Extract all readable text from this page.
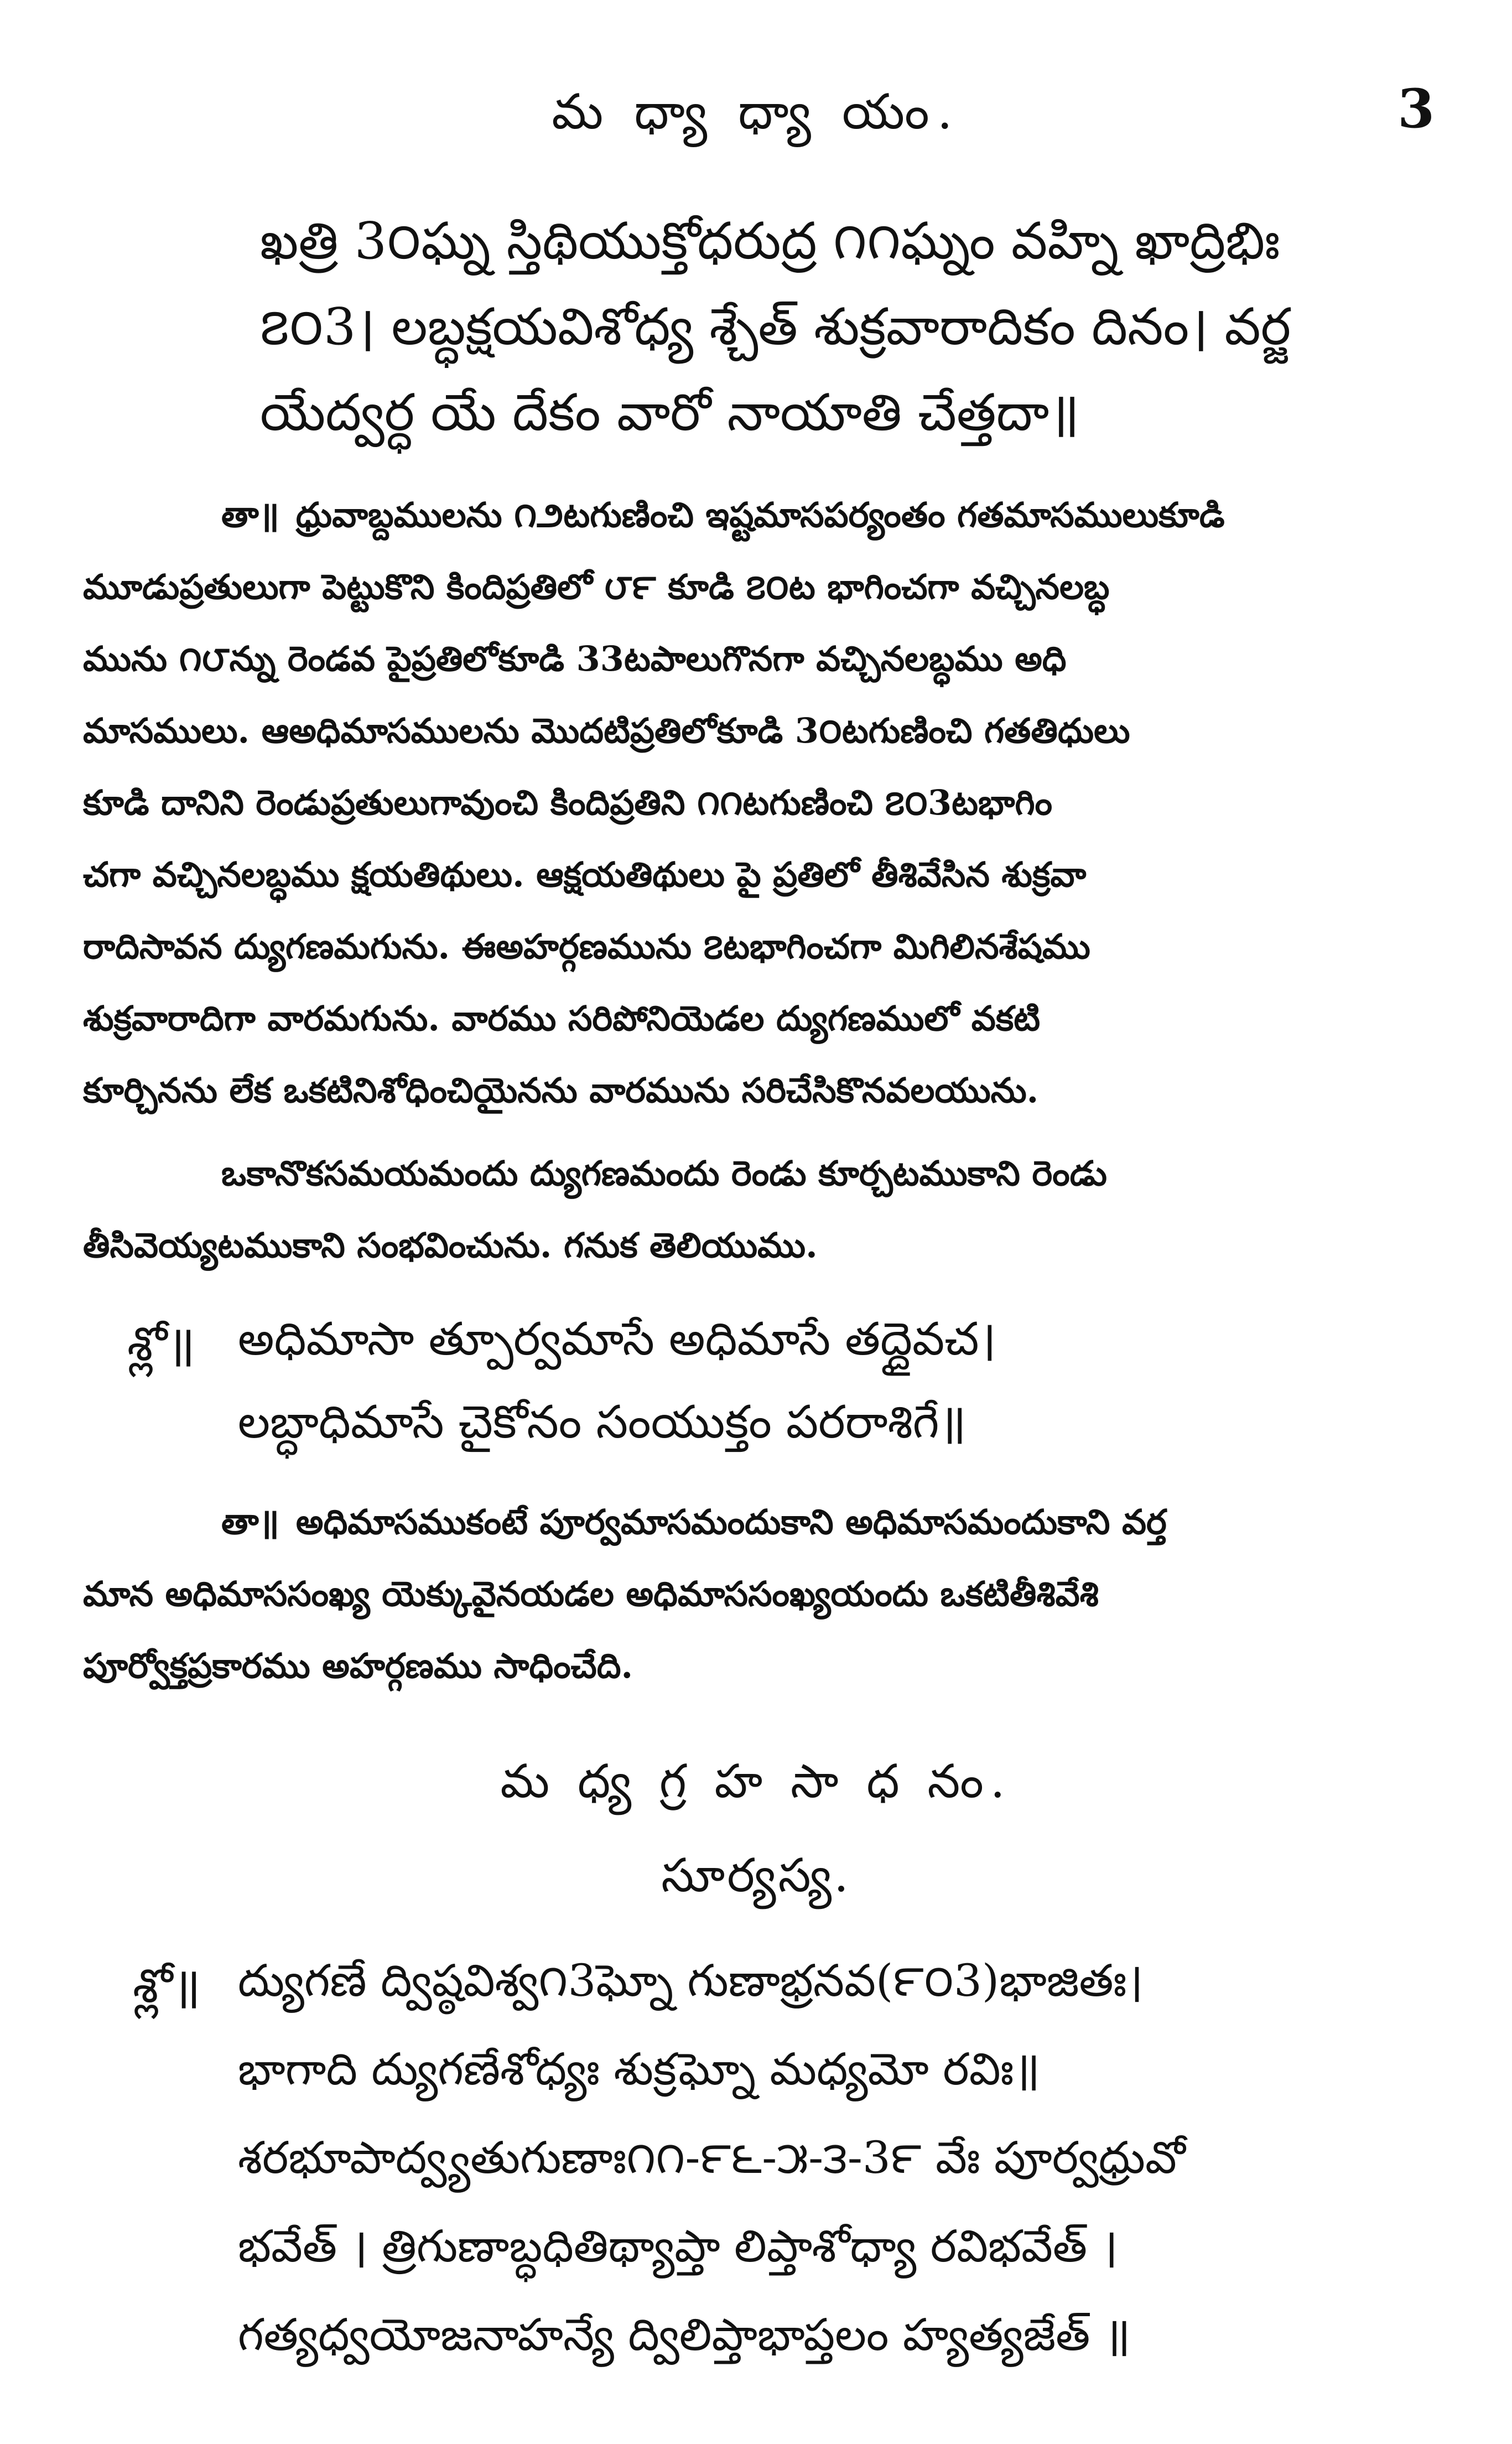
మ ధ్యా ధ్యా యం.	3
ఖత్రి 3౦ఘ్న స్తిథియుక్తోధరుద్ర ౧౧ఘ్నం వహ్ని ఖాద్రిభిః
౭౦3। లబ్ధక్షయవిశోధ్య శ్చేత్ శుక్రవారాదికం దినం। వర్జ
యేద్వర్ధ యే దేకం వారో నాయాతి చేత్తదా॥
తా॥ ధ్రువాబ్దములను ౧౨టగుణించి ఇష్టమాసపర్యంతం గతమాసములుకూడి
మూడుప్రతులుగా పెట్టుకొని కిందిప్రతిలో ౮౯ కూడి ౭౦ట భాగించగా వచ్చినలబ్ధ
మును ౧౮న్ను రెండవ పైప్రతిలోకూడి 33టపాలుగొనగా వచ్చినలబ్ధము అధి
మాసములు. ఆఅధిమాసములను మొదటిప్రతిలోకూడి 3౦టగుణించి గతతిధులు
కూడి దానిని రెండుప్రతులుగావుంచి కిందిప్రతిని ౧౧టగుణించి ౭౦3టభాగిం
చగా వచ్చినలబ్ధము క్షయతిథులు. ఆక్షయతిథులు పై ప్రతిలో తీశివేసిన శుక్రవా
రాదిసావన ద్యుగణమగును. ఈఅహర్గణమును ౭టభాగించగా మిగిలినశేషము
శుక్రవారాదిగా వారమగును. వారము సరిపోనియెడల ద్యుగణములో వకటి
కూర్చినను లేక ఒకటినిశోధించియైనను వారమును సరిచేసికొనవలయును.
ఒకానొకసమయమందు ద్యుగణమందు రెండు కూర్చటముకాని రెండు
తీసివెయ్యటముకాని సంభవించును. గనుక తెలియుము.
శ్లో॥ అధిమాసా త్పూర్వమాసే అధిమాసే తద్దైవచ।
లబ్ధాధిమాసే చైకోనం సంయుక్తం పరరాశిగే॥
తా॥ అధిమాసముకంటే పూర్వమాసమందుకాని అధిమాసమందుకాని వర్త
మాన అధిమాససంఖ్య యెక్కువైనయడల అధిమాససంఖ్యయందు ఒకటితీశివేశి
పూర్వోక్తప్రకారము అహర్గణము సాధించేది.
మ ధ్య గ్ర హ సా ధ నం.
సూర్యస్య.
శ్లో॥ ద్యుగణే ద్విష్ఠవిశ్వ౧3ఘ్నో గుణాభ్రనవ(౯౦3)భాజితః।
భాగాది ద్యుగణేశోధ్యః శుక్రఘ్నో మధ్యమో రవిః॥
శరభూపాద్వ్యతుగుణాః౧౧-౯౬-౫-౩-3౯ వేః పూర్వధ్రువో
భవేత్ । త్రిగుణాబ్ధధితిథ్యాప్తా లిప్తాశోధ్యా రవిభవేత్ ।
గత్యధ్వయోజనాహన్యే ద్విలిప్తాభాప్తలం హ్యత్యజేత్ ॥
